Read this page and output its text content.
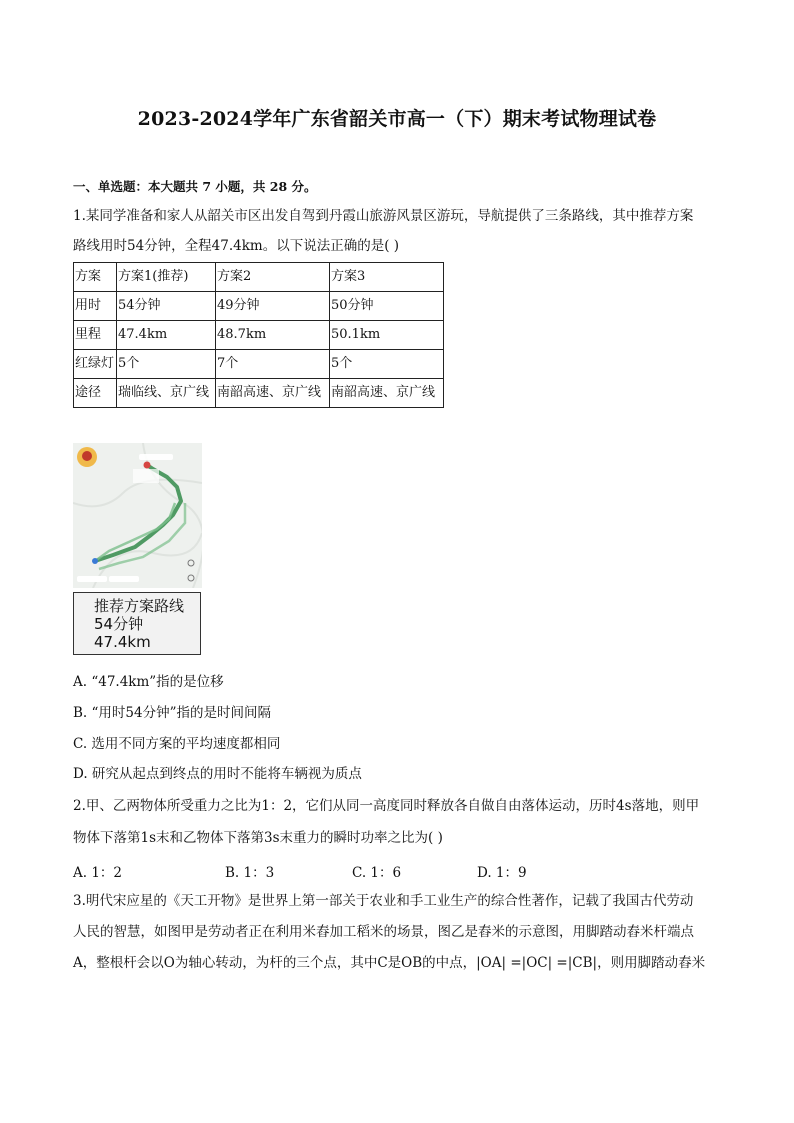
2023-2024学年广东省韶关市高一（下）期末考试物理试卷
一、单选题：本大题共 7 小题，共 28 分。
1.某同学准备和家人从韶关市区出发自驾到丹霞山旅游风景区游玩，导航提供了三条路线，其中推荐方案
路线用时54分钟，全程47.4km。以下说法正确的是( )
方案	方案1(推荐)	方案2	方案3
用时	54分钟	49分钟	50分钟
里程	47.4km	48.7km	50.1km
红绿灯	5个	7个	5个
途径	瑞临线、京广线	南韶高速、京广线	南韶高速、京广线
推荐方案路线
54分钟
47.4km
A. “47.4km”指的是位移
B. “用时54分钟”指的是时间间隔
C. 选用不同方案的平均速度都相同
D. 研究从起点到终点的用时不能将车辆视为质点
2.甲、乙两物体所受重力之比为1：2，它们从同一高度同时释放各自做自由落体运动，历时4s落地，则甲
物体下落第1s末和乙物体下落第3s末重力的瞬时功率之比为( )
A. 1：2	B. 1：3	C. 1：6	D. 1：9
3.明代宋应星的《天工开物》是世界上第一部关于农业和手工业生产的综合性著作，记载了我国古代劳动
人民的智慧，如图甲是劳动者正在利用米舂加工稻米的场景，图乙是舂米的示意图，用脚踏动舂米杆端点
A，整根杆会以O为轴心转动，为杆的三个点，其中C是OB的中点，|OA| =|OC| =|CB|，则用脚踏动舂米
